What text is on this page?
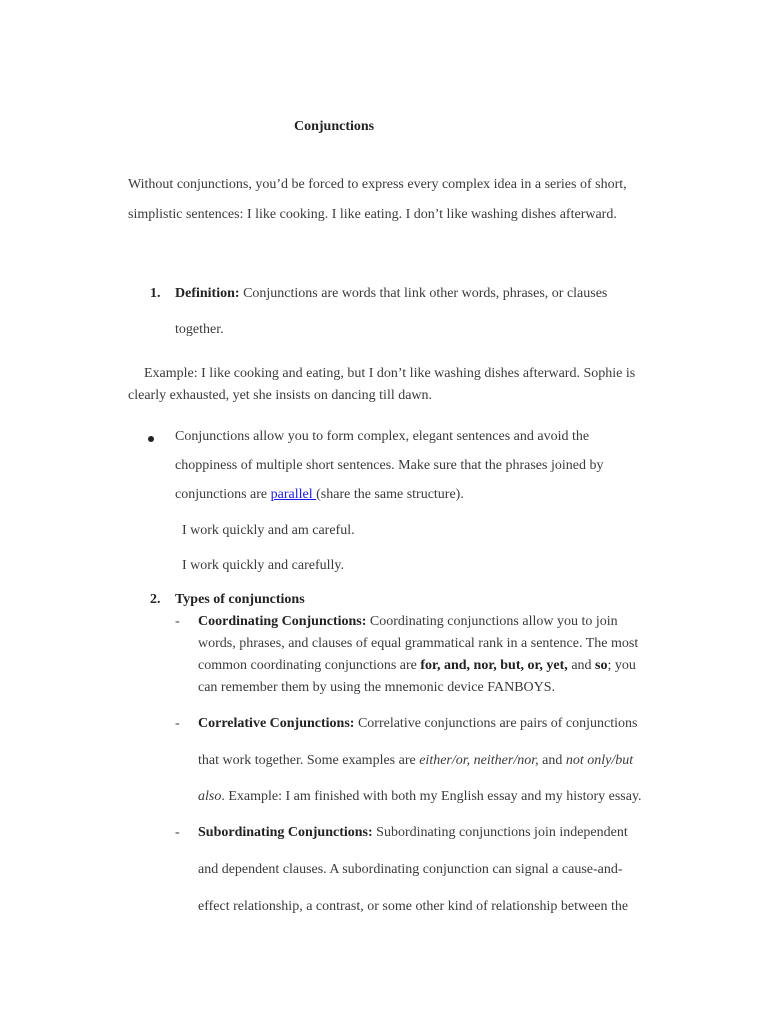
Conjunctions
Without conjunctions, you’d be forced to express every complex idea in a series of short,
simplistic sentences: I like cooking. I like eating. I don’t like washing dishes afterward.
1. Definition: Conjunctions are words that link other words, phrases, or clauses
together.
Example: I like cooking and eating, but I don’t like washing dishes afterward. Sophie is
clearly exhausted, yet she insists on dancing till dawn.
Conjunctions allow you to form complex, elegant sentences and avoid the
choppiness of multiple short sentences. Make sure that the phrases joined by
conjunctions are parallel (share the same structure).
I work quickly and am careful.
I work quickly and carefully.
2. Types of conjunctions
- Coordinating Conjunctions: Coordinating conjunctions allow you to join
words, phrases, and clauses of equal grammatical rank in a sentence. The most
common coordinating conjunctions are for, and, nor, but, or, yet, and so; you
can remember them by using the mnemonic device FANBOYS.
- Correlative Conjunctions: Correlative conjunctions are pairs of conjunctions
that work together. Some examples are either/or, neither/nor, and not only/but
also. Example: I am finished with both my English essay and my history essay.
- Subordinating Conjunctions: Subordinating conjunctions join independent
and dependent clauses. A subordinating conjunction can signal a cause-and-
effect relationship, a contrast, or some other kind of relationship between the
